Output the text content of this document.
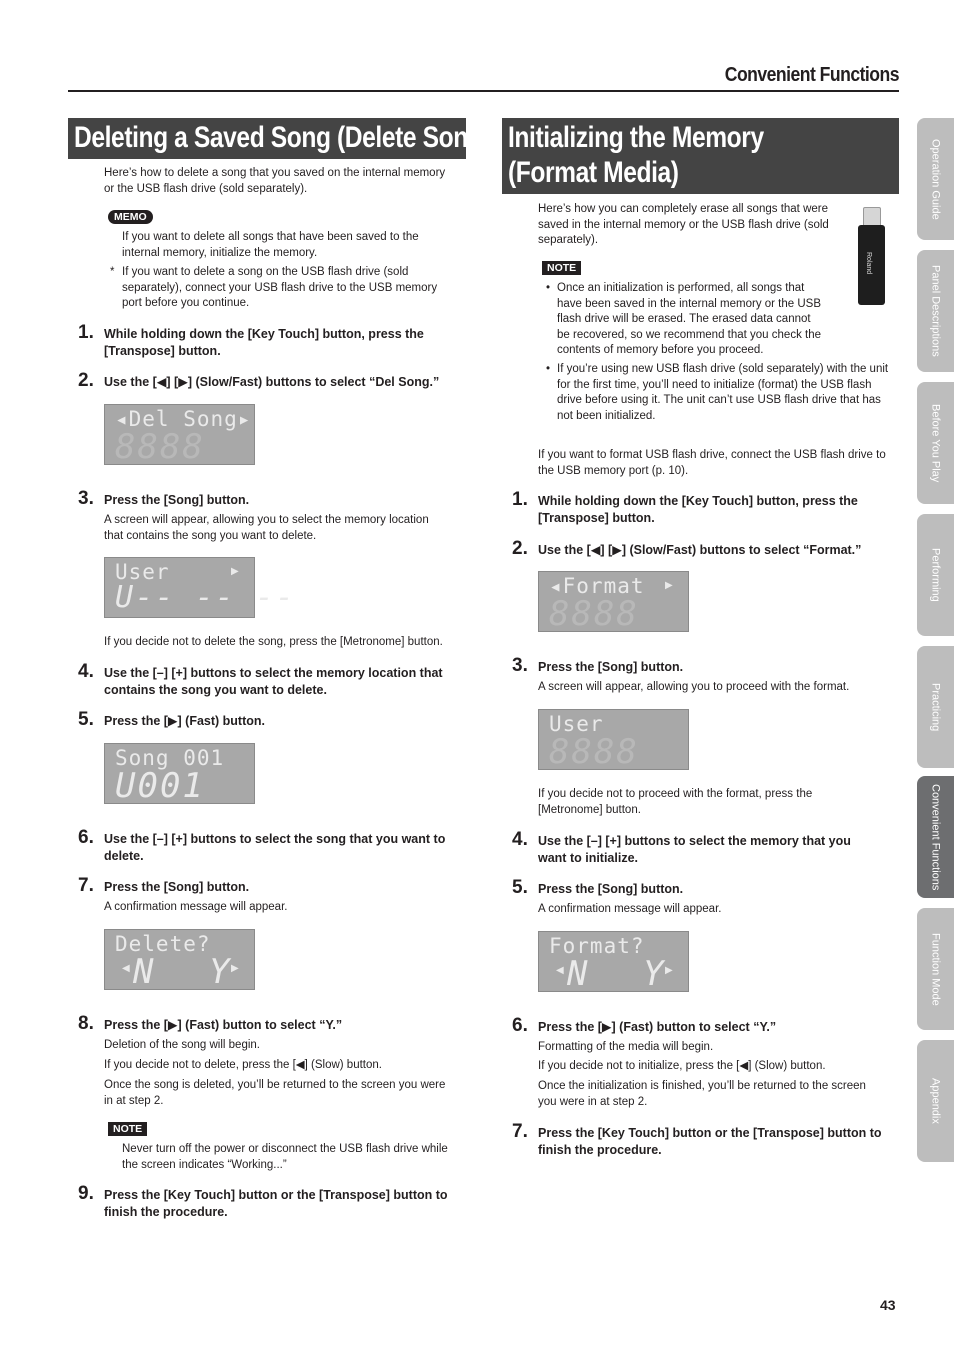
Convenient Functions
Deleting a Saved Song (Delete Song)
Here’s how to delete a song that you saved on the internal memory
or the USB flash drive (sold separately).
MEMO
If you want to delete all songs that have been saved to the
internal memory, initialize the memory.
* If you want to delete a song on the USB flash drive (sold
separately), connect your USB flash drive to the USB memory
port before you continue.
1. While holding down the [Key Touch] button, press the
[Transpose] button.
2. Use the [◀] [▶] (Slow/Fast) buttons to select “Del Song.”
◂Del Song▸
8888
3. Press the [Song] button.
A screen will appear, allowing you to select the memory location
that contains the song you want to delete.
User	▶
U-- -- --
If you decide not to delete the song, press the [Metronome] button.
4. Use the [–] [+] buttons to select the memory location that
contains the song you want to delete.
5. Press the [▶] (Fast) button.
Song 001
U001
6. Use the [–] [+] buttons to select the song that you want to
delete.
7. Press the [Song] button.
A confirmation message will appear.
Delete?
◀ N Y ▶
8. Press the [▶] (Fast) button to select “Y.”
Deletion of the song will begin.
If you decide not to delete, press the [◀] (Slow) button.
Once the song is deleted, you’ll be returned to the screen you were
in at step 2.
NOTE
Never turn off the power or disconnect the USB flash drive while
the screen indicates “Working...”
9. Press the [Key Touch] button or the [Transpose] button to
finish the procedure.
Initializing the Memory
(Format Media)
Here’s how you can completely erase all songs that were
saved in the internal memory or the USB flash drive (sold
separately).
Roland
NOTE
• Once an initialization is performed, all songs that
have been saved in the internal memory or the USB
flash drive will be erased. The erased data cannot
be recovered, so we recommend that you check the
contents of memory before you proceed.
• If you’re using new USB flash drive (sold separately) with the unit
for the first time, you’ll need to initialize (format) the USB flash
drive before using it. The unit can’t use USB flash drive that has
not been initialized.
If you want to format USB flash drive, connect the USB flash drive to
the USB memory port (p. 10).
1. While holding down the [Key Touch] button, press the
[Transpose] button.
2. Use the [◀] [▶] (Slow/Fast) buttons to select “Format.”
◂Format ▶
8888
3. Press the [Song] button.
A screen will appear, allowing you to proceed with the format.
User
8888
If you decide not to proceed with the format, press the
[Metronome] button.
4. Use the [–] [+] buttons to select the memory that you
want to initialize.
5. Press the [Song] button.
A confirmation message will appear.
Format?
◀ N Y ▶
6. Press the [▶] (Fast) button to select “Y.”
Formatting of the media will begin.
If you decide not to initialize, press the [◀] (Slow) button.
Once the initialization is finished, you’ll be returned to the screen
you were in at step 2.
7. Press the [Key Touch] button or the [Transpose] button to
finish the procedure.
Operation Guide
Panel Descriptions
Before You Play
Performing
Practicing
Convenient Functions
Function Mode
Appendix
43
